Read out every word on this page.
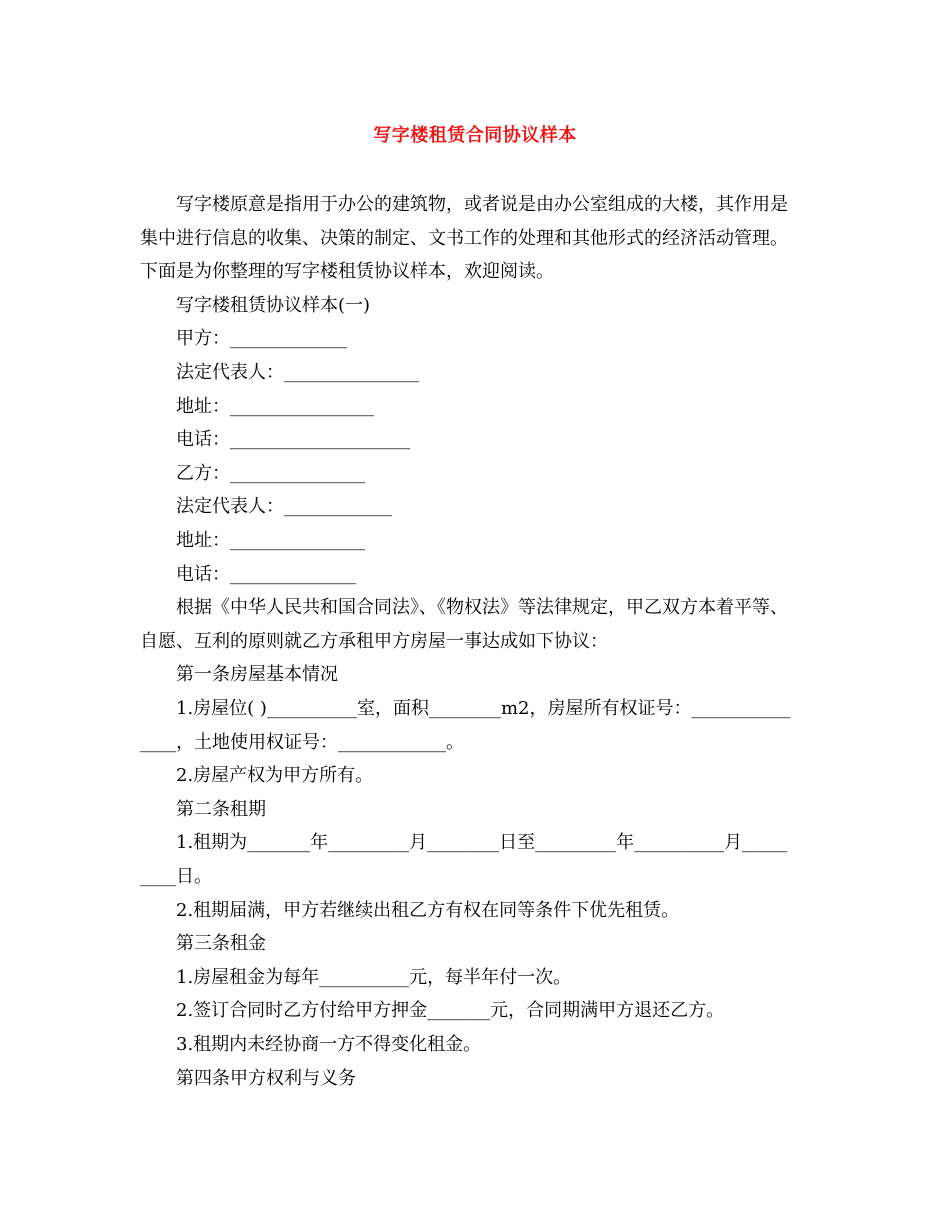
写字楼租赁合同协议样本
写字楼原意是指用于办公的建筑物，或者说是由办公室组成的大楼，其作用是
集中进行信息的收集、决策的制定、文书工作的处理和其他形式的经济活动管理。
下面是为你整理的写字楼租赁协议样本，欢迎阅读。
写字楼租赁协议样本(一)
甲方：_____________
法定代表人：_______________
地址：________________
电话：____________________
乙方：_______________
法定代表人：____________
地址：_______________
电话：______________
根据《中华人民共和国合同法》、《物权法》等法律规定，甲乙双方本着平等、
自愿、互利的原则就乙方承租甲方房屋一事达成如下协议：
第一条房屋基本情况
1.房屋位( )__________室，面积________m2，房屋所有权证号：___________
____，土地使用权证号：____________。
2.房屋产权为甲方所有。
第二条租期
1.租期为_______年_________月________日至_________年__________月_____
____日。
2.租期届满，甲方若继续出租乙方有权在同等条件下优先租赁。
第三条租金
1.房屋租金为每年__________元，每半年付一次。
2.签订合同时乙方付给甲方押金_______元，合同期满甲方退还乙方。
3.租期内未经协商一方不得变化租金。
第四条甲方权利与义务
